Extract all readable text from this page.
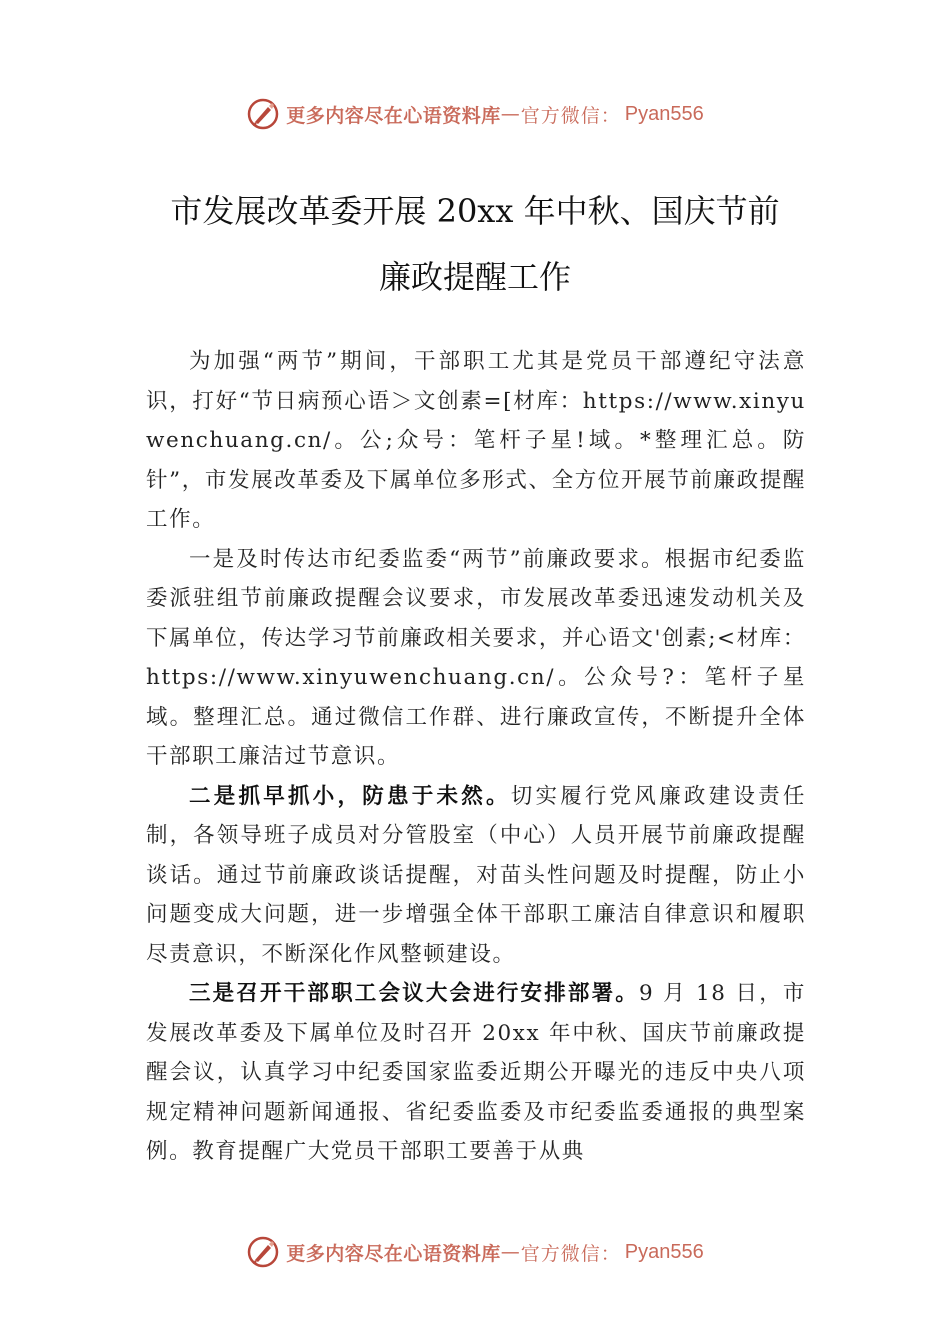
更多内容尽在心语资料库 — 官方微信： Pyan556
市发展改革委开展 20xx 年中秋、国庆节前
廉政提醒工作

为加强“两节”期间，干部职工尤其是党员干部遵纪守法意识，打好“节日病预心语＞文创素=[材库：https://www.xinyuwenchuang.cn/。公;众号：笔杆子星!域。*整理汇总。防针”，市发展改革委及下属单位多形式、全方位开展节前廉政提醒工作。

一是及时传达市纪委监委“两节”前廉政要求。根据市纪委监委派驻组节前廉政提醒会议要求，市发展改革委迅速发动机关及下属单位，传达学习节前廉政相关要求，并心语文'创素;<材库：https://www.xinyuwenchuang.cn/。公众号?：笔杆子星域。整理汇总。通过微信工作群、进行廉政宣传，不断提升全体干部职工廉洁过节意识。

二是抓早抓小，防患于未然。切实履行党风廉政建设责任制，各领导班子成员对分管股室（中心）人员开展节前廉政提醒谈话。通过节前廉政谈话提醒，对苗头性问题及时提醒，防止小问题变成大问题，进一步增强全体干部职工廉洁自律意识和履职尽责意识，不断深化作风整顿建设。

三是召开干部职工会议大会进行安排部署。9 月 18 日，市发展改革委及下属单位及时召开 20xx 年中秋、国庆节前廉政提醒会议，认真学习中纪委国家监委近期公开曝光的违反中央八项规定精神问题新闻通报、省纪委监委及市纪委监委通报的典型案例。教育提醒广大党员干部职工要善于从典

更多内容尽在心语资料库 — 官方微信： Pyan556
